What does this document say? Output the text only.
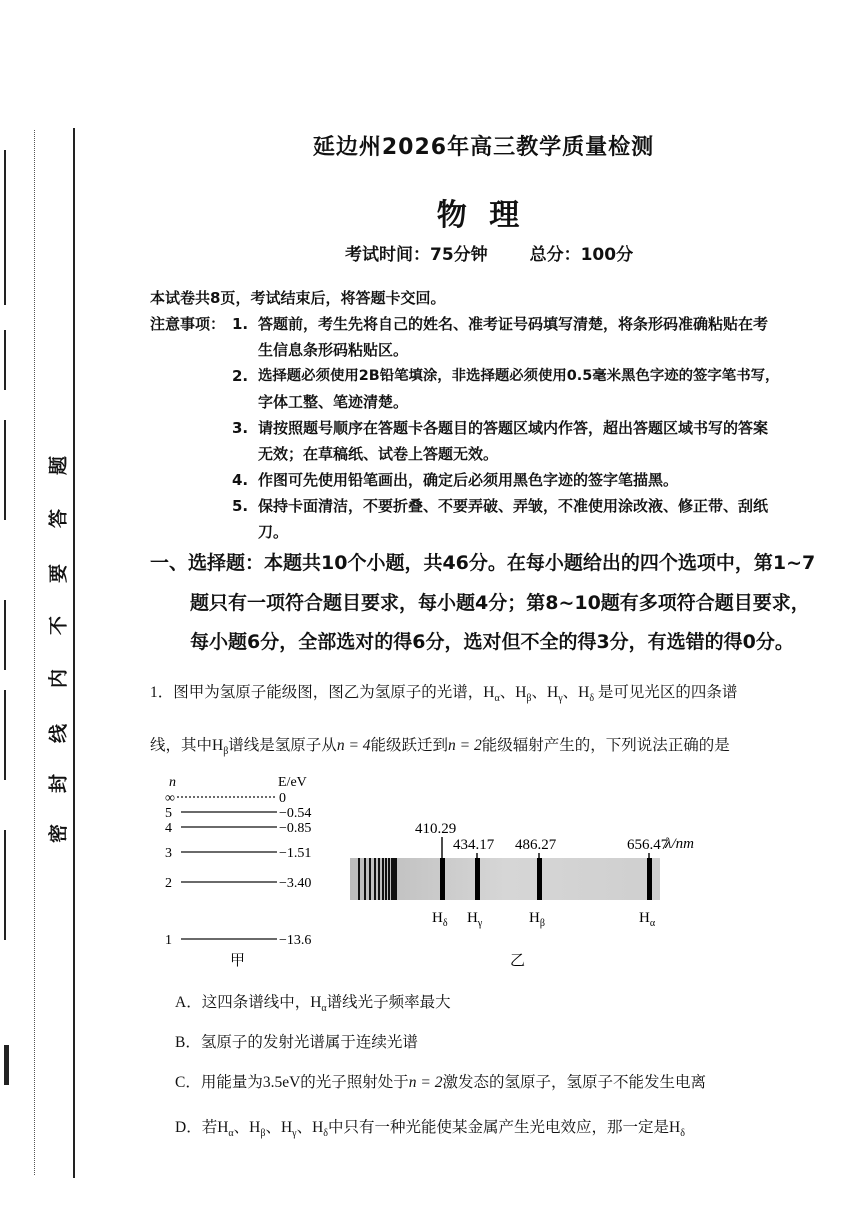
密
封
线
内
不
要
答
题
延边州2026年高三教学质量检测
物 理
考试时间：75分钟 总分：100分
本试卷共8页，考试结束后，将答题卡交回。
注意事项： 1. 答题前，考生先将自己的姓名、准考证号码填写清楚，将条形码准确粘贴在考
生信息条形码粘贴区。
2. 选择题必须使用2B铅笔填涂，非选择题必须使用0.5毫米黑色字迹的签字笔书写，
字体工整、笔迹清楚。
3. 请按照题号顺序在答题卡各题目的答题区域内作答，超出答题区域书写的答案
无效；在草稿纸、试卷上答题无效。
4. 作图可先使用铅笔画出，确定后必须用黑色字迹的签字笔描黑。
5. 保持卡面清洁，不要折叠、不要弄破、弄皱，不准使用涂改液、修正带、刮纸
刀。
一、选择题：本题共10个小题，共46分。在每小题给出的四个选项中，第1~7
题只有一项符合题目要求，每小题4分；第8~10题有多项符合题目要求，
每小题6分，全部选对的得6分，选对但不全的得3分，有选错的得0分。
1．图甲为氢原子能级图，图乙为氢原子的光谱，$H_\alpha$、$H_\beta$、$H_\gamma$、$H_\delta$ 是可见光区的四条谱
线，其中$H_\beta$谱线是氢原子从n = 4能级跃迁到n = 2能级辐射产生的，下列说法正确的是
n	E/eV
∞	0
5	−0.54
4	−0.85
3	−1.51
2	−3.40
1	−13.6
甲
410.29
$H_\delta$
434.17
$H_\gamma$
486.27
$H_\beta$
656.47
$H_\alpha$
λ/nm
乙
A．这四条谱线中，$H_\alpha$谱线光子频率最大
B．氢原子的发射光谱属于连续光谱
C．用能量为3.5eV的光子照射处于n = 2激发态的氢原子，氢原子不能发生电离
D．若$H_\alpha$、$H_\beta$、$H_\gamma$、$H_\delta$中只有一种光能使某金属产生光电效应，那一定是$H_\delta$
